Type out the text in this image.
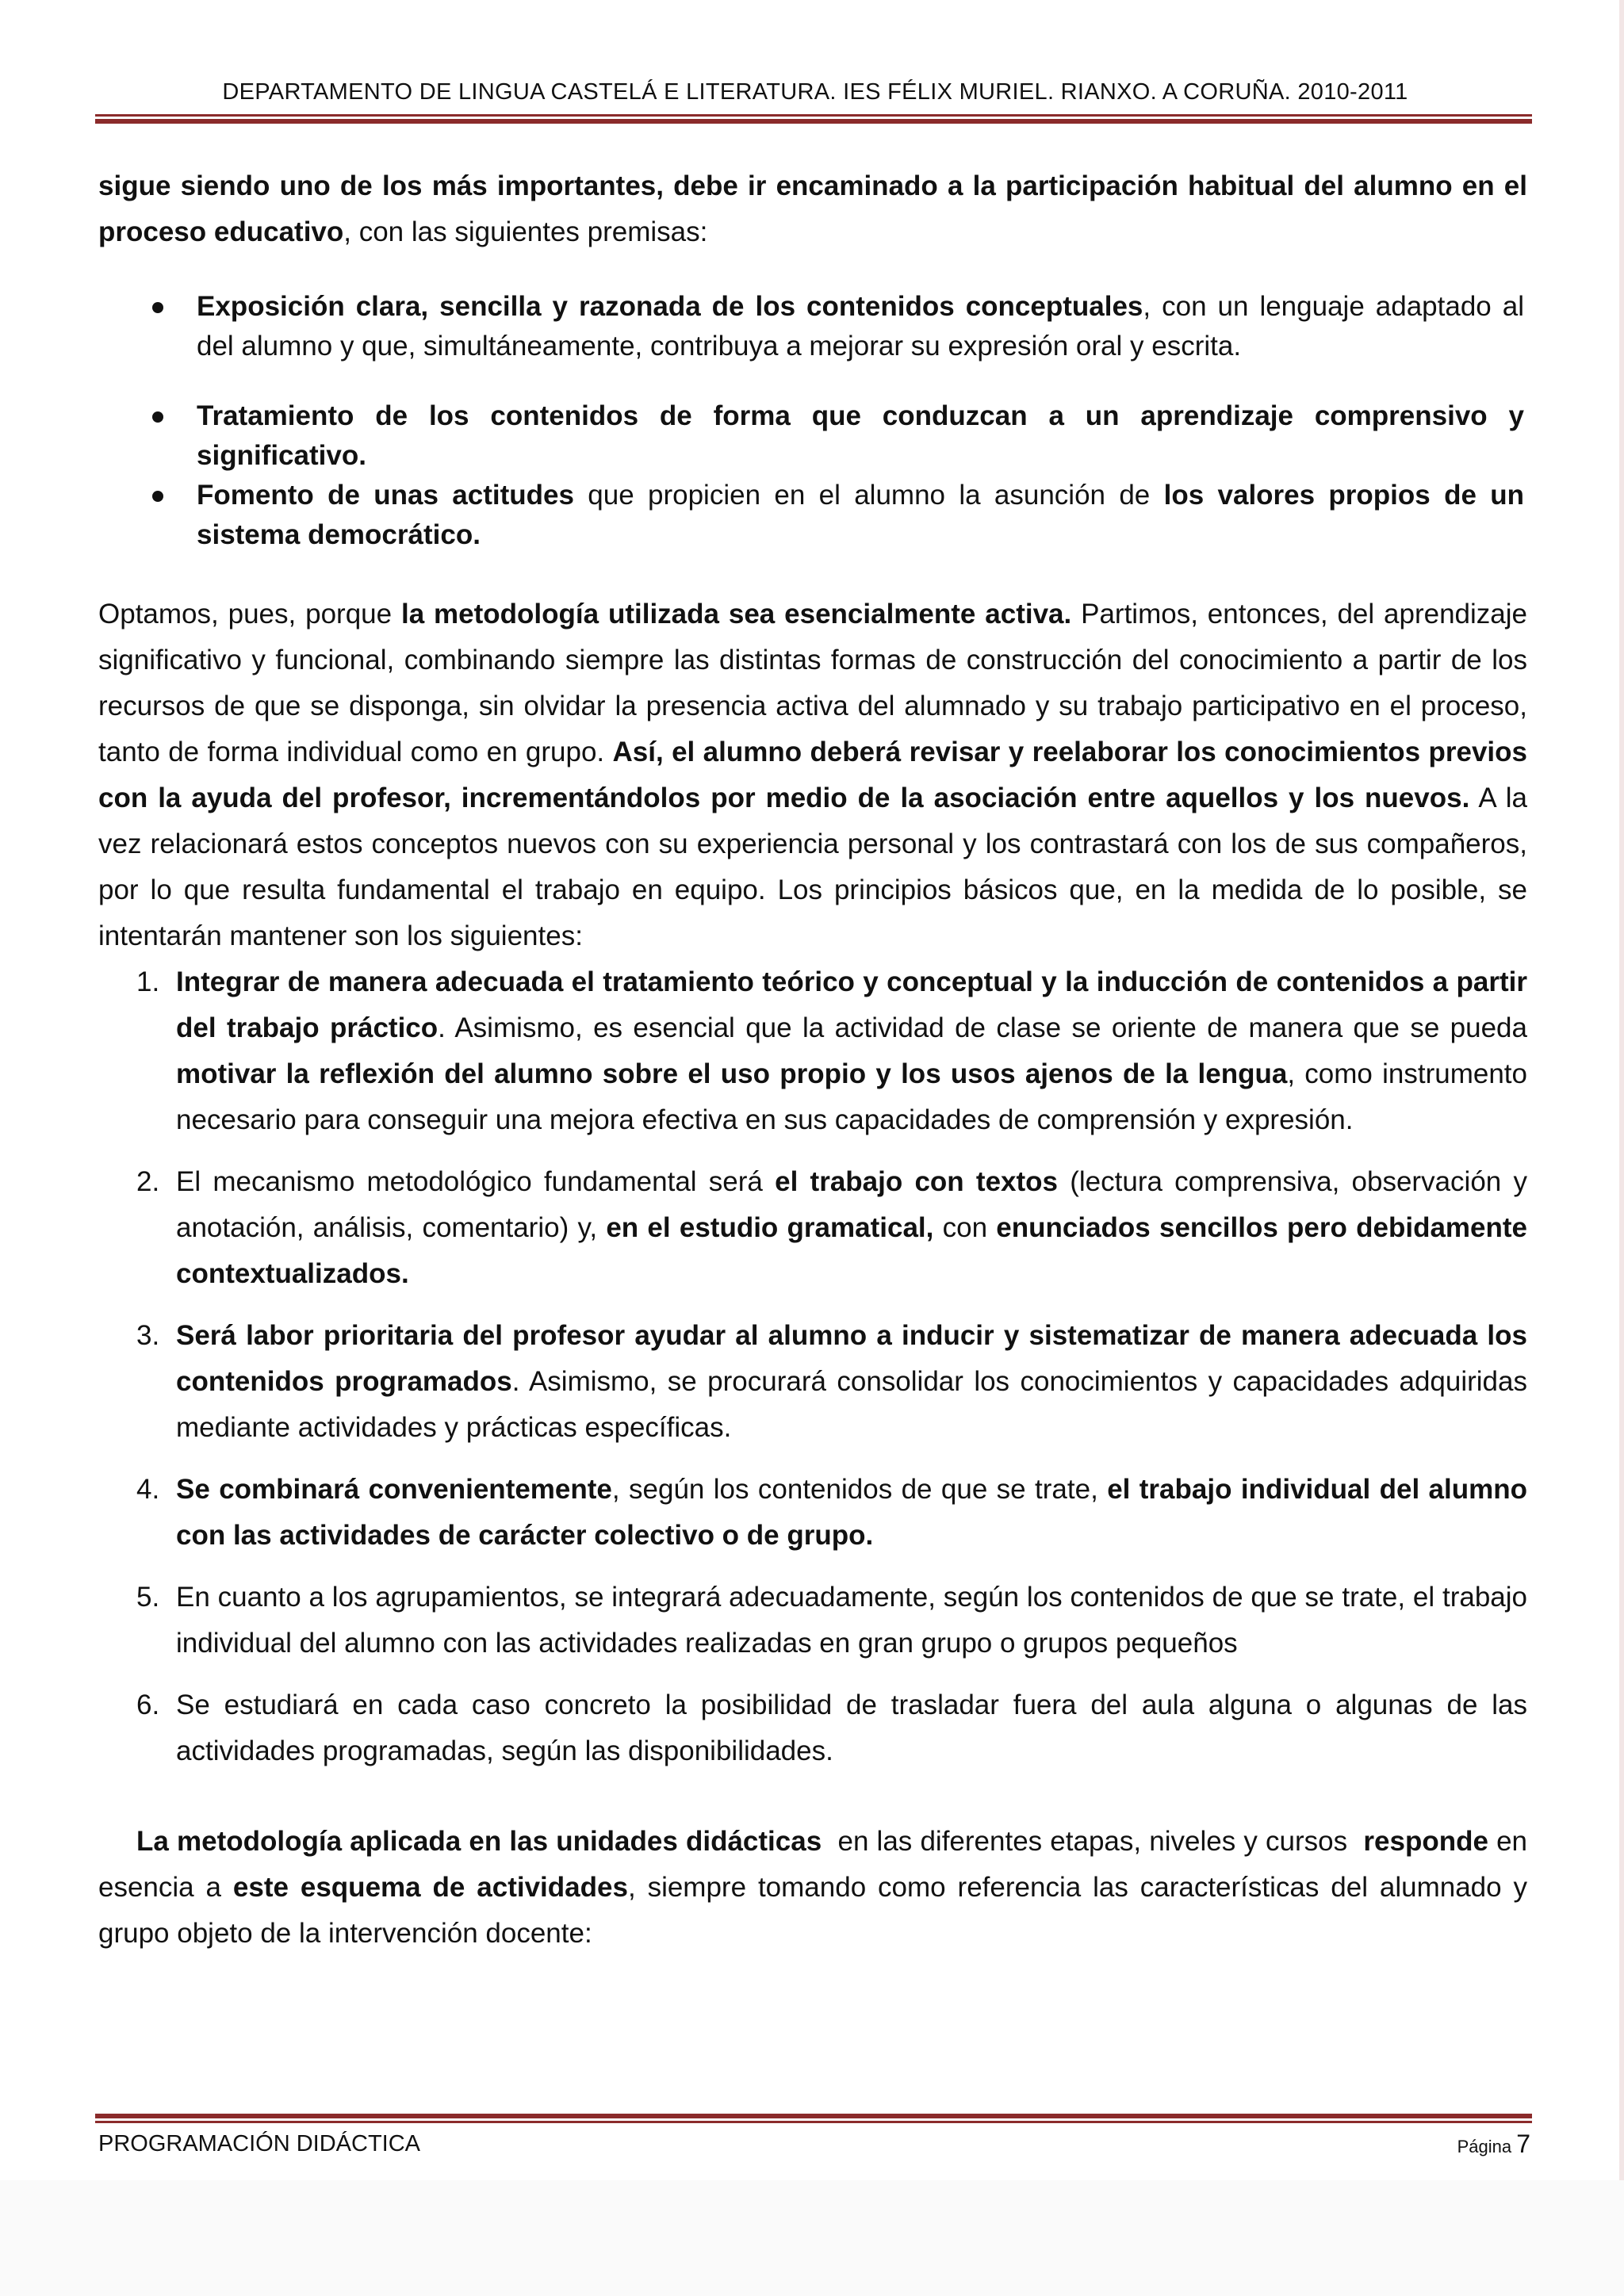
DEPARTAMENTO DE LINGUA CASTELÁ E LITERATURA. IES FÉLIX MURIEL. RIANXO. A CORUÑA. 2010-2011

sigue siendo uno de los más importantes, debe ir encaminado a la participación habitual del alumno en el proceso educativo, con las siguientes premisas:

Exposición clara, sencilla y razonada de los contenidos conceptuales, con un lenguaje adaptado al del alumno y que, simultáneamente, contribuya a mejorar su expresión oral y escrita.
Tratamiento de los contenidos de forma que conduzcan a un aprendizaje comprensivo y significativo.
Fomento de unas actitudes que propicien en el alumno la asunción de los valores propios de un sistema democrático.

Optamos, pues, porque la metodología utilizada sea esencialmente activa. Partimos, entonces, del aprendizaje significativo y funcional, combinando siempre las distintas formas de construcción del conocimiento a partir de los recursos de que se disponga, sin olvidar la presencia activa del alumnado y su trabajo participativo en el proceso, tanto de forma individual como en grupo. Así, el alumno deberá revisar y reelaborar los conocimientos previos con la ayuda del profesor, incrementándolos por medio de la asociación entre aquellos y los nuevos. A la vez relacionará estos conceptos nuevos con su experiencia personal y los contrastará con los de sus compañeros, por lo que resulta fundamental el trabajo en equipo. Los principios básicos que, en la medida de lo posible, se intentarán mantener son los siguientes:

1. Integrar de manera adecuada el tratamiento teórico y conceptual y la inducción de contenidos a partir del trabajo práctico. Asimismo, es esencial que la actividad de clase se oriente de manera que se pueda motivar la reflexión del alumno sobre el uso propio y los usos ajenos de la lengua, como instrumento necesario para conseguir una mejora efectiva en sus capacidades de comprensión y expresión.
2. El mecanismo metodológico fundamental será el trabajo con textos (lectura comprensiva, observación y anotación, análisis, comentario) y, en el estudio gramatical, con enunciados sencillos pero debidamente contextualizados.
3. Será labor prioritaria del profesor ayudar al alumno a inducir y sistematizar de manera adecuada los contenidos programados. Asimismo, se procurará consolidar los conocimientos y capacidades adquiridas mediante actividades y prácticas específicas.
4. Se combinará convenientemente, según los contenidos de que se trate, el trabajo individual del alumno con las actividades de carácter colectivo o de grupo.
5. En cuanto a los agrupamientos, se integrará adecuadamente, según los contenidos de que se trate, el trabajo individual del alumno con las actividades realizadas en gran grupo o grupos pequeños
6. Se estudiará en cada caso concreto la posibilidad de trasladar fuera del aula alguna o algunas de las actividades programadas, según las disponibilidades.

La metodología aplicada en las unidades didácticas  en las diferentes etapas, niveles y cursos  responde en esencia a este esquema de actividades, siempre tomando como referencia las características del alumnado y grupo objeto de la intervención docente:

PROGRAMACIÓN DIDÁCTICA	Página 7
